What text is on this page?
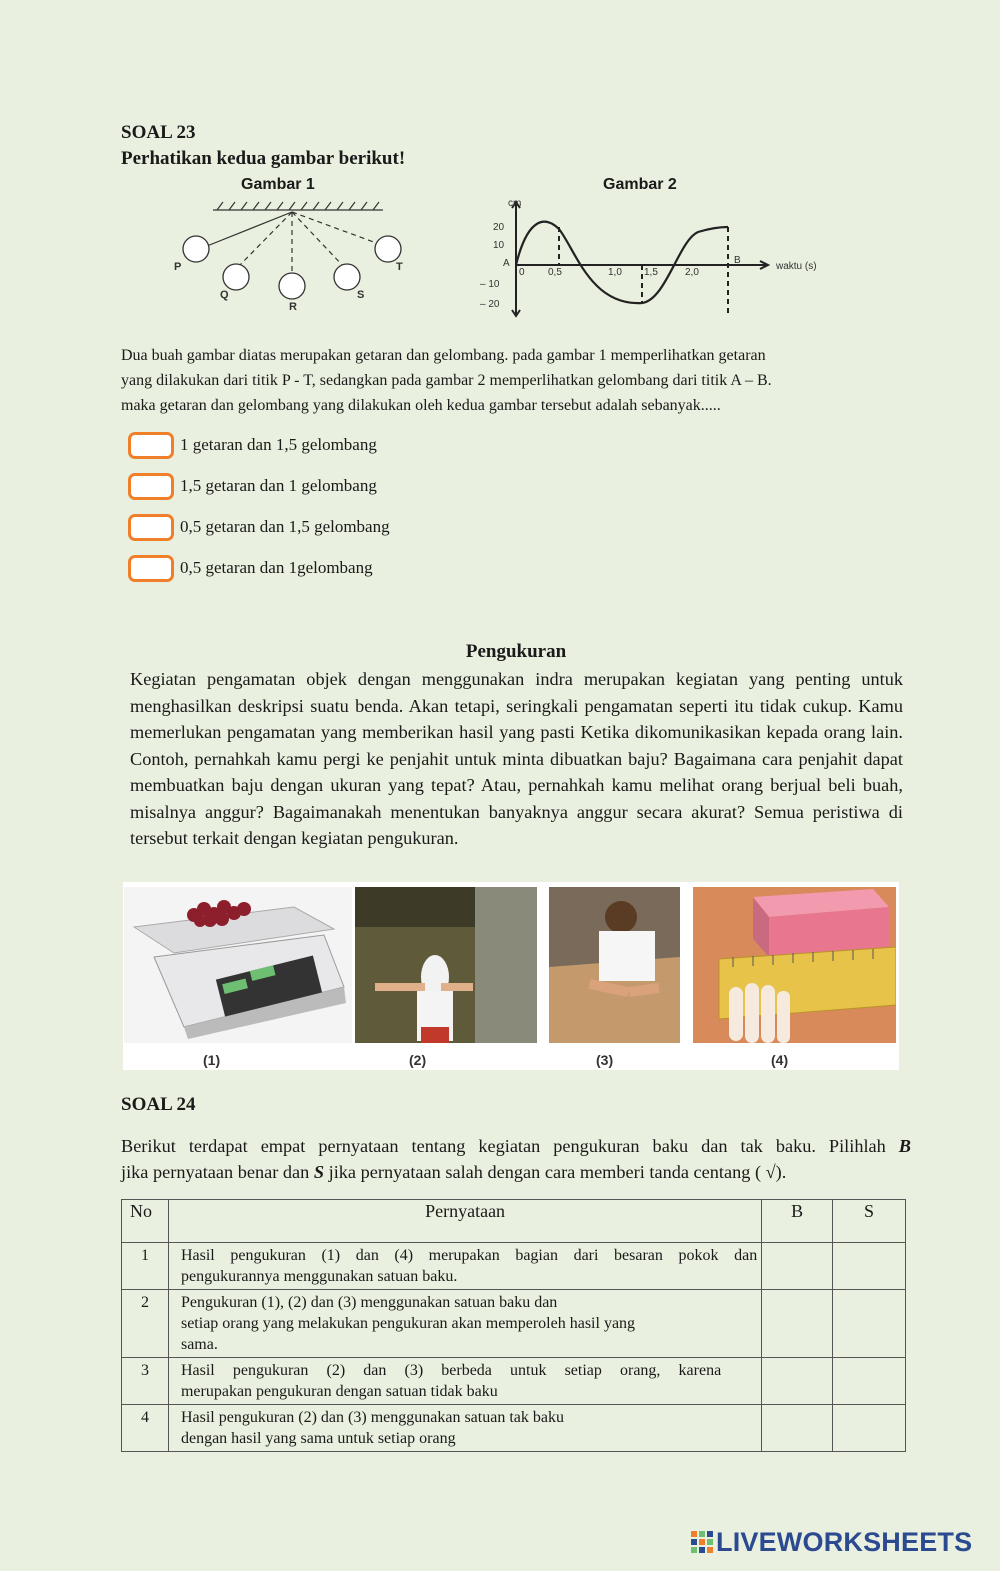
SOAL 23
Perhatikan kedua gambar berikut!
Gambar 1	Gambar 2
P
Q
R
S
T
cm
20
10
– 10
– 20
A
0 0,5	1,0 1,5	2,0
B
waktu (s)
Dua buah gambar diatas merupakan getaran dan gelombang. pada gambar 1 memperlihatkan getaran
yang dilakukan dari titik P - T, sedangkan pada gambar 2 memperlihatkan gelombang dari titik A – B.
maka getaran dan gelombang yang dilakukan oleh kedua gambar tersebut adalah sebanyak.....
1 getaran dan 1,5 gelombang
1,5 getaran dan 1 gelombang
0,5 getaran dan 1,5 gelombang
0,5 getaran dan 1gelombang
Pengukuran
Kegiatan pengamatan objek dengan menggunakan indra merupakan kegiatan yang penting untuk menghasilkan deskripsi suatu benda. Akan tetapi, seringkali pengamatan seperti itu tidak cukup. Kamu memerlukan pengamatan yang memberikan hasil yang pasti Ketika dikomunikasikan kepada orang lain. Contoh, pernahkah kamu pergi ke penjahit untuk minta dibuatkan baju? Bagaimana cara penjahit dapat membuatkan baju dengan ukuran yang tepat? Atau, pernahkah kamu melihat orang berjual beli buah, misalnya anggur? Bagaimanakah menentukan banyaknya anggur secara akurat? Semua peristiwa di tersebut terkait dengan kegiatan pengukuran.
(1)	(2)	(3)	(4)
SOAL 24
Berikut terdapat empat pernyataan tentang kegiatan pengukuran baku dan tak baku. Pilihlah B
jika pernyataan benar dan S jika pernyataan salah dengan cara memberi tanda centang ( √).
No	Pernyataan	B	S
1	Hasil pengukuran (1) dan (4) merupakan bagian dari besaran pokok dan
pengukurannya menggunakan satuan baku.		

2	Pengukuran (1), (2) dan (3) menggunakan satuan baku dan
setiap orang yang melakukan pengukuran akan memperoleh hasil yang
sama.		

3	Hasil pengukuran (2) dan (3) berbeda untuk setiap orang, karena
merupakan pengukuran dengan satuan tidak baku		

4	Hasil pengukuran (2) dan (3) menggunakan satuan tak baku
dengan hasil yang sama untuk setiap orang		

LIVEWORKSHEETS
